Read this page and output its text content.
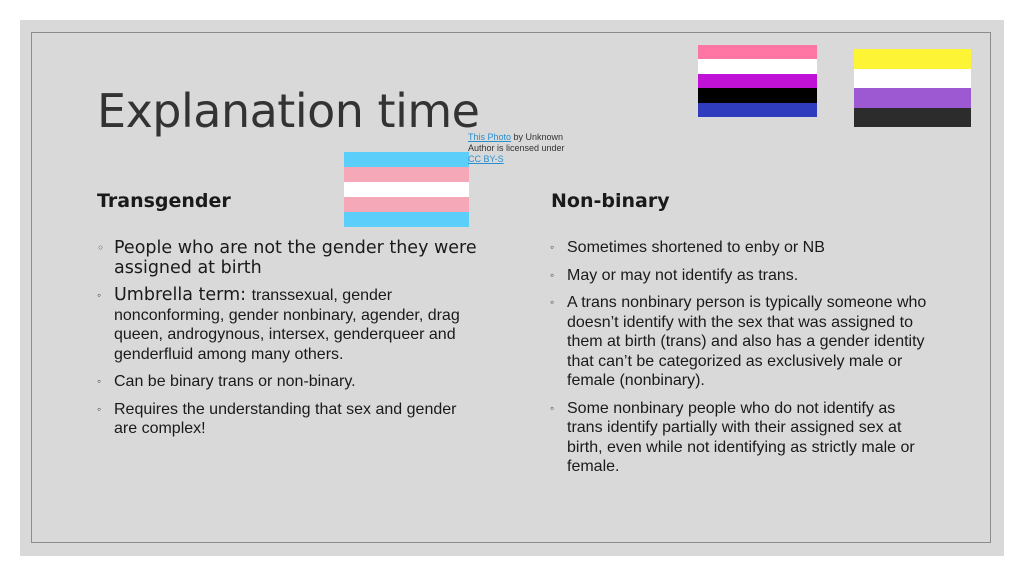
Explanation time
This Photo by Unknown Author is licensed under CC BY-S
Transgender	Non-binary
◦ People who are not the gender they were assigned at birth
◦ Umbrella term: transsexual, gender nonconforming, gender nonbinary, agender, drag queen, androgynous, intersex, genderqueer and genderfluid among many others.
◦ Can be binary trans or non-binary.
◦ Requires the understanding that sex and gender are complex!
◦ Sometimes shortened to enby or NB
◦ May or may not identify as trans.
◦ A trans nonbinary person is typically someone who doesn’t identify with the sex that was assigned to them at birth (trans) and also has a gender identity that can’t be categorized as exclusively male or female (nonbinary).
◦ Some nonbinary people who do not identify as trans identify partially with their assigned sex at birth, even while not identifying as strictly male or female.
